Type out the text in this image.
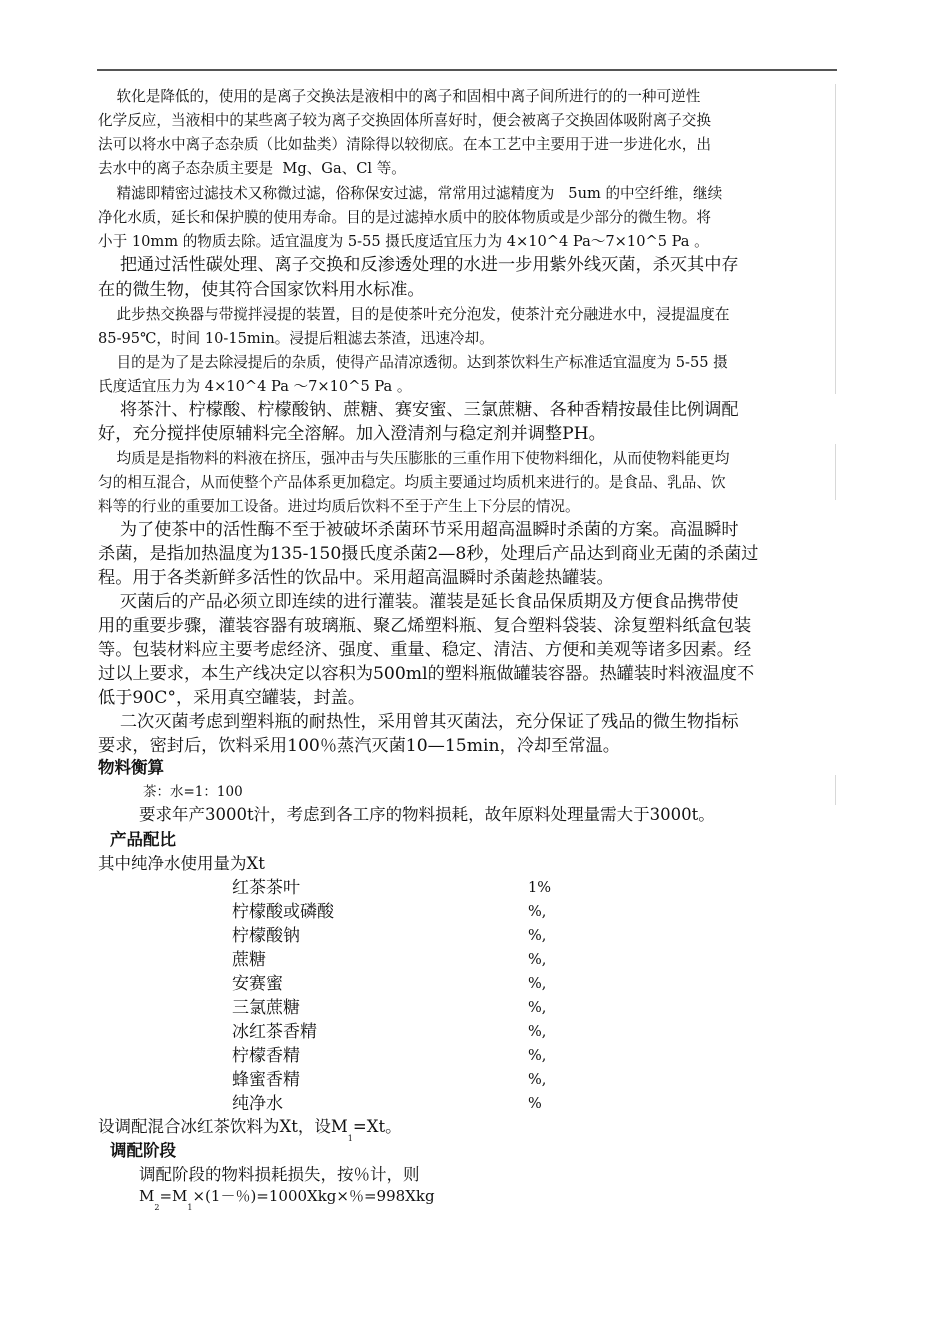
软化是降低的，使用的是离子交换法是液相中的离子和固相中离子间所进行的的一种可逆性

化学反应，当液相中的某些离子较为离子交换固体所喜好时，便会被离子交换固体吸附离子交换

法可以将水中离子态杂质（比如盐类）清除得以较彻底。在本工艺中主要用于进一步进化水，出

去水中的离子态杂质主要是  Mg、Ga、Cl 等。

精滤即精密过滤技术又称微过滤，俗称保安过滤，常常用过滤精度为   5um 的中空纤维，继续

净化水质，延长和保护膜的使用寿命。目的是过滤掉水质中的胶体物质或是少部分的微生物。将

小于 10mm 的物质去除。适宜温度为 5-55 摄氏度适宜压力为 4×10^4 Pa～7×10^5 Pa 。

把通过活性碳处理、离子交换和反渗透处理的水进一步用紫外线灭菌，杀灭其中存

在的微生物，使其符合国家饮料用水标准。

此步热交换器与带搅拌浸提的装置，目的是使茶叶充分泡发，使茶汁充分融进水中，浸提温度在

85-95℃，时间 10-15min。浸提后粗滤去茶渣，迅速冷却。

目的是为了是去除浸提后的杂质，使得产品清凉透彻。达到茶饮料生产标准适宜温度为 5-55 摄

氏度适宜压力为 4×10^4 Pa ～7×10^5 Pa 。

将茶汁、柠檬酸、柠檬酸钠、蔗糖、赛安蜜、三氯蔗糖、各种香精按最佳比例调配

好，充分搅拌使原辅料完全溶解。加入澄清剂与稳定剂并调整PH。

均质是是指物料的料液在挤压，强冲击与失压膨胀的三重作用下使物料细化，从而使物料能更均

匀的相互混合，从而使整个产品体系更加稳定。均质主要通过均质机来进行的。是食品、乳品、饮

料等的行业的重要加工设备。进过均质后饮料不至于产生上下分层的情况。

为了使茶中的活性酶不至于被破坏杀菌环节采用超高温瞬时杀菌的方案。高温瞬时

杀菌，是指加热温度为135-150摄氏度杀菌2—8秒，处理后产品达到商业无菌的杀菌过

程。用于各类新鲜多活性的饮品中。采用超高温瞬时杀菌趁热罐装。

灭菌后的产品必须立即连续的进行灌装。灌装是延长食品保质期及方便食品携带使

用的重要步骤，灌装容器有玻璃瓶、聚乙烯塑料瓶、复合塑料袋装、涂复塑料纸盒包装

等。包装材料应主要考虑经济、强度、重量、稳定、清洁、方便和美观等诸多因素。经

过以上要求，本生产线决定以容积为500ml的塑料瓶做罐装容器。热罐装时料液温度不

低于90C°，采用真空罐装，封盖。

二次灭菌考虑到塑料瓶的耐热性，采用曾其灭菌法，充分保证了残品的微生物指标

要求，密封后，饮料采用100％蒸汽灭菌10—15min，冷却至常温。

物料衡算

茶：水=1：100

要求年产3000t汁，考虑到各工序的物料损耗，故年原料处理量需大于3000t。

产品配比

其中纯净水使用量为Xt

红茶茶叶	1%
柠檬酸或磷酸	%,
柠檬酸钠	%,
蔗糖	%,
安赛蜜	%,
三氯蔗糖	%,
冰红茶香精	%,
柠檬香精	%,
蜂蜜香精	%,
纯净水	%
设调配混合冰红茶饮料为Xt，设$M_1=Xt$。
调配阶段

调配阶段的物料损耗损失，按％计，则

$M_2=M_1\times(1-$％)=1000Xkg×％=998Xkg
